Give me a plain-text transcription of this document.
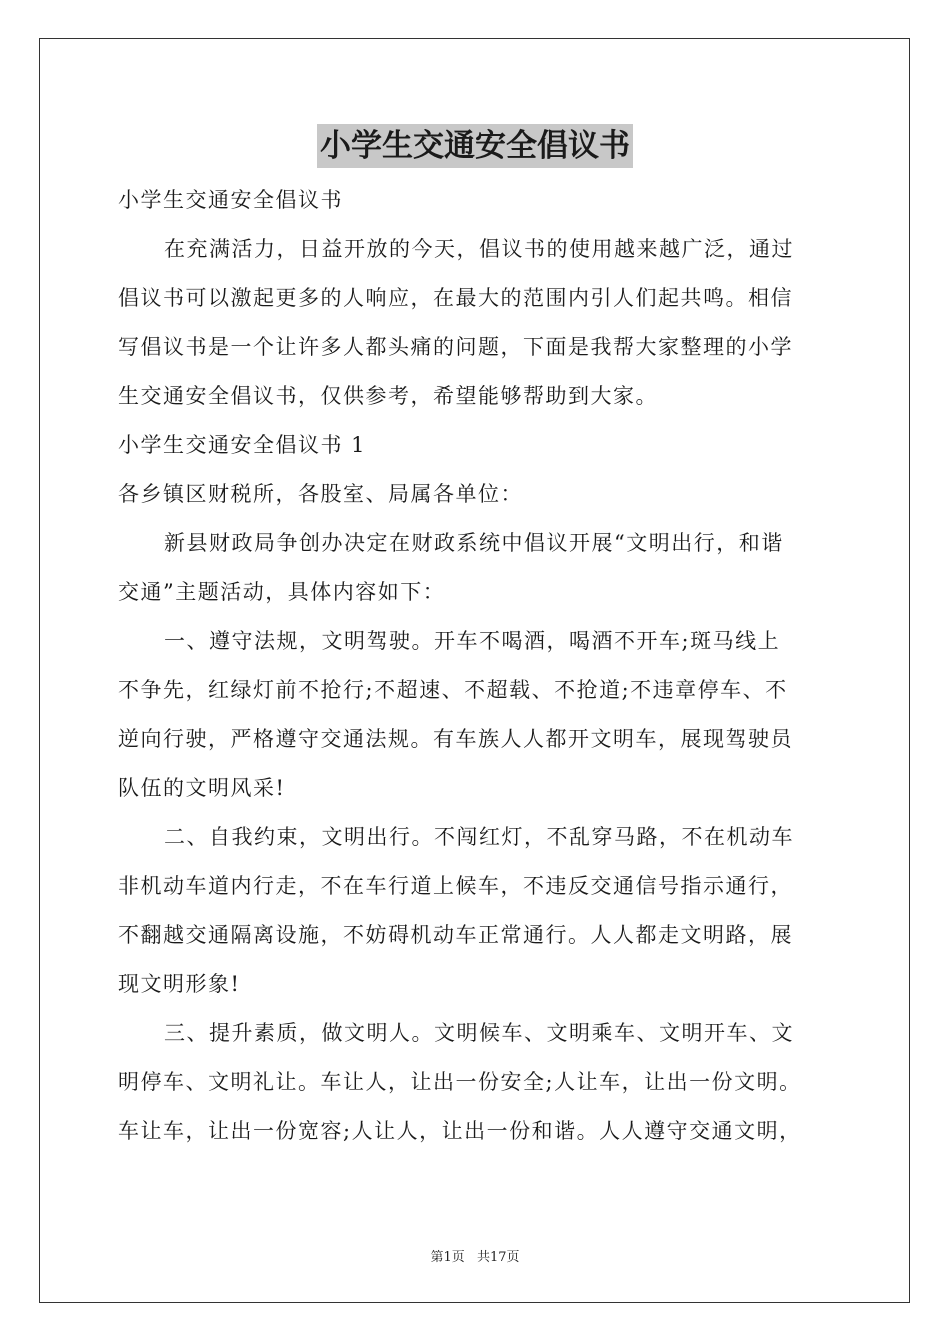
小学生交通安全倡议书
小学生交通安全倡议书
在充满活力，日益开放的今天，倡议书的使用越来越广泛，通过
倡议书可以激起更多的人响应，在最大的范围内引人们起共鸣。相信
写倡议书是一个让许多人都头痛的问题，下面是我帮大家整理的小学
生交通安全倡议书，仅供参考，希望能够帮助到大家。
小学生交通安全倡议书 1
各乡镇区财税所，各股室、局属各单位：
新县财政局争创办决定在财政系统中倡议开展“文明出行，和谐
交通”主题活动，具体内容如下：
一、遵守法规，文明驾驶。开车不喝酒，喝酒不开车;斑马线上
不争先，红绿灯前不抢行;不超速、不超载、不抢道;不违章停车、不
逆向行驶，严格遵守交通法规。有车族人人都开文明车，展现驾驶员
队伍的文明风采!
二、自我约束，文明出行。不闯红灯，不乱穿马路，不在机动车
非机动车道内行走，不在车行道上候车，不违反交通信号指示通行，
不翻越交通隔离设施，不妨碍机动车正常通行。人人都走文明路，展
现文明形象!
三、提升素质，做文明人。文明候车、文明乘车、文明开车、文
明停车、文明礼让。车让人，让出一份安全;人让车，让出一份文明。
车让车，让出一份宽容;人让人，让出一份和谐。人人遵守交通文明，
第1页 共17页
